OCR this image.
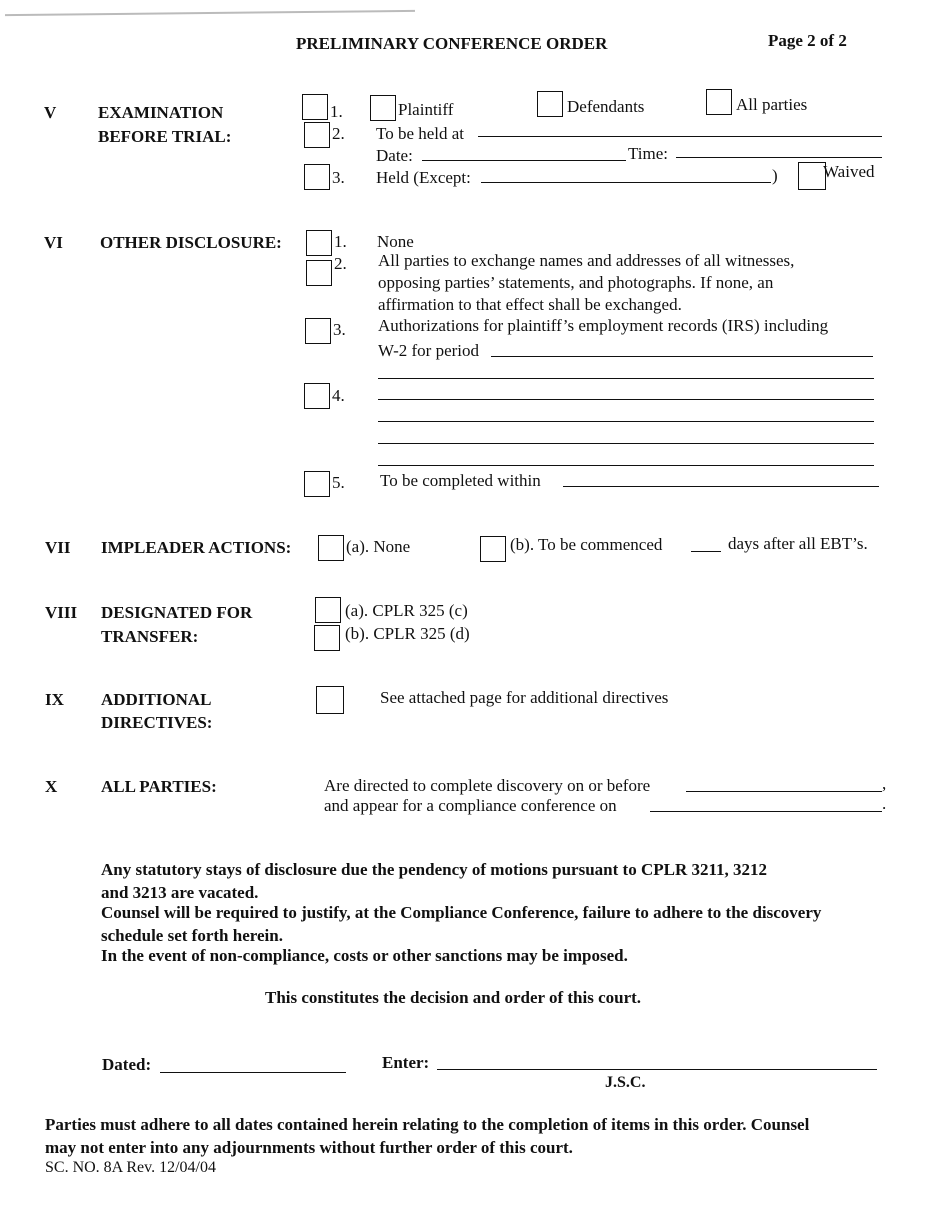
PRELIMINARY CONFERENCE ORDER	Page 2 of 2
V EXAMINATION
BEFORE TRIAL:
1.	Plaintiff	Defendants	All parties
2. To be held at
Date:	Time:
3. Held (Except:	)	Waived
VI OTHER DISCLOSURE:	1. None
2. All parties to exchange names and addresses of all witnesses,
opposing parties’ statements, and photographs. If none, an
affirmation to that effect shall be exchanged.
3. Authorizations for plaintiff’s employment records (IRS) including
W-2 for period
4.
5. To be completed within
VII IMPLEADER ACTIONS:	(a). None	(b). To be commenced	days after all EBT’s.
VIII DESIGNATED FOR
TRANSFER:
(a). CPLR 325 (c)
(b). CPLR 325 (d)
IX ADDITIONAL
DIRECTIVES:
See attached page for additional directives
X	ALL PARTIES:	Are directed to complete discovery on or before	,
and appear for a compliance conference on	.
Any statutory stays of disclosure due the pendency of motions pursuant to CPLR 3211, 3212
and 3213 are vacated.
Counsel will be required to justify, at the Compliance Conference, failure to adhere to the discovery
schedule set forth herein.
In the event of non-compliance, costs or other sanctions may be imposed.
This constitutes the decision and order of this court.
Dated:	Enter:
J.S.C.
Parties must adhere to all dates contained herein relating to the completion of items in this order. Counsel
may not enter into any adjournments without further order of this court.
SC. NO. 8A Rev. 12/04/04
